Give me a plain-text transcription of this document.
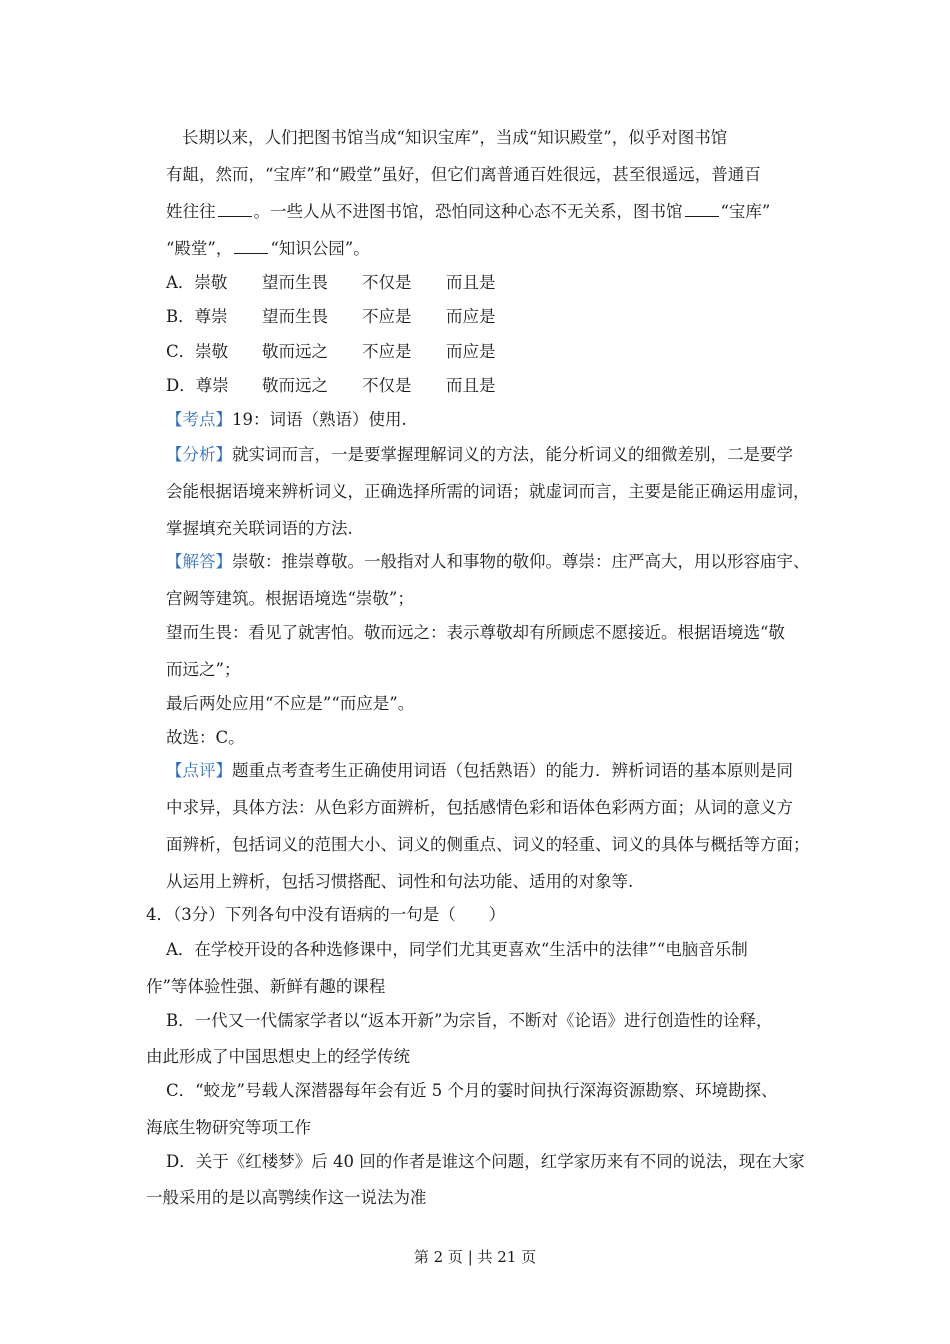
长期以来，人们把图书馆当成“知识宝库”，当成“知识殿堂”，似乎对图书馆
有龃，然而，“宝库”和“殿堂”虽好，但它们离普通百姓很远，甚至很遥远，普通百
姓往往 。一些人从不进图书馆，恐怕同这种心态不无关系，图书馆 “宝库”
“殿堂”， “知识公园”。
A．崇敬 望而生畏 不仅是 而且是
B．尊崇 望而生畏 不应是 而应是
C．崇敬 敬而远之 不应是 而应是
D．尊崇 敬而远之 不仅是 而且是
【考点】19：词语（熟语）使用.
【分析】就实词而言，一是要掌握理解词义的方法，能分析词义的细微差别，二是要学
会能根据语境来辨析词义，正确选择所需的词语；就虚词而言，主要是能正确运用虚词，
掌握填充关联词语的方法.
【解答】崇敬：推崇尊敬。一般指对人和事物的敬仰。尊崇：庄严高大，用以形容庙宇、
宫阙等建筑。根据语境选“崇敬”；
望而生畏：看见了就害怕。敬而远之：表示尊敬却有所顾虑不愿接近。根据语境选“敬
而远之”；
最后两处应用“不应是”“而应是”。
故选：C。
【点评】题重点考查考生正确使用词语（包括熟语）的能力．辨析词语的基本原则是同
中求异，具体方法：从色彩方面辨析，包括感情色彩和语体色彩两方面；从词的意义方
面辨析，包括词义的范围大小、词义的侧重点、词义的轻重、词义的具体与概括等方面；
从运用上辨析，包括习惯搭配、词性和句法功能、适用的对象等.
4．（3分）下列各句中没有语病的一句是（　　）
A．在学校开设的各种选修课中，同学们尤其更喜欢“生活中的法律”“电脑音乐制
作”等体验性强、新鲜有趣的课程
B．一代又一代儒家学者以“返本开新”为宗旨，不断对《论语》进行创造性的诠释，
由此形成了中国思想史上的经学传统
C．“蛟龙”号载人深潜器每年会有近 5 个月的霎时间执行深海资源勘察、环境勘探、
海底生物研究等项工作
D．关于《红楼梦》后 40 回的作者是谁这个问题，红学家历来有不同的说法，现在大家
一般采用的是以高鹗续作这一说法为准
第 2 页 | 共 21 页
